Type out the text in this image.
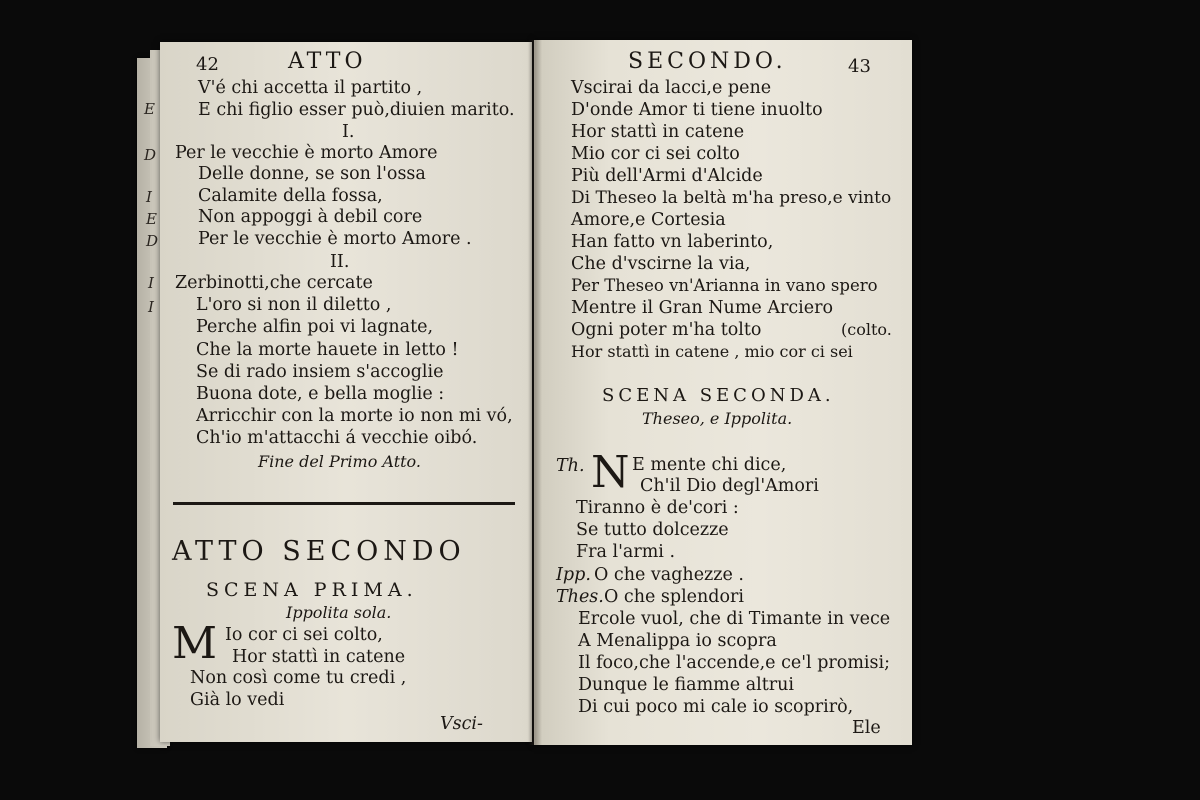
E
D
I
E
D
I
I
42	ATTO
V'é chi accetta il partito ,
E chi figlio esser può,diuien marito.
I.
Per le vecchie è morto Amore
Delle donne, se son l'ossa
Calamite della fossa,
Non appoggi à debil core
Per le vecchie è morto Amore .
II.
Zerbinotti,che cercate
L'oro si non il diletto ,
Perche alfin poi vi lagnate,
Che la morte hauete in letto !
Se di rado insiem s'accoglie
Buona dote, e bella moglie :
Arricchir con la morte io non mi vó,
Ch'io m'attacchi á vecchie oibó.
Fine del Primo Atto.
ATTO SECONDO
SCENA PRIMA.
Ippolita sola.
M Io cor ci sei colto,
Hor stattì in catene
Non così come tu credi ,
Già lo vedi
Vsci-
SECONDO.	43
Vscirai da lacci,e pene
D'onde Amor ti tiene inuolto
Hor stattì in catene
Mio cor ci sei colto
Più dell'Armi d'Alcide
Di Theseo la beltà m'ha preso,e vinto
Amore,e Cortesia
Han fatto vn laberinto,
Che d'vscirne la via,
Per Theseo vn'Arianna in vano spero
Mentre il Gran Nume Arciero
Ogni poter m'ha tolto	(colto.
Hor stattì in catene , mio cor ci sei
SCENA SECONDA.
Theseo, e Ippolita.
Th. N E mente chi dice,
Ch'il Dio degl'Amori
Tiranno è de'cori :
Se tutto dolcezze
Fra l'armi .
Ipp. O che vaghezze .
Thes. O che splendori
Ercole vuol, che di Timante in vece
A Menalippa io scopra
Il foco,che l'accende,e ce'l promisi;
Dunque le fiamme altrui
Di cui poco mi cale io scoprirò,
Ele
